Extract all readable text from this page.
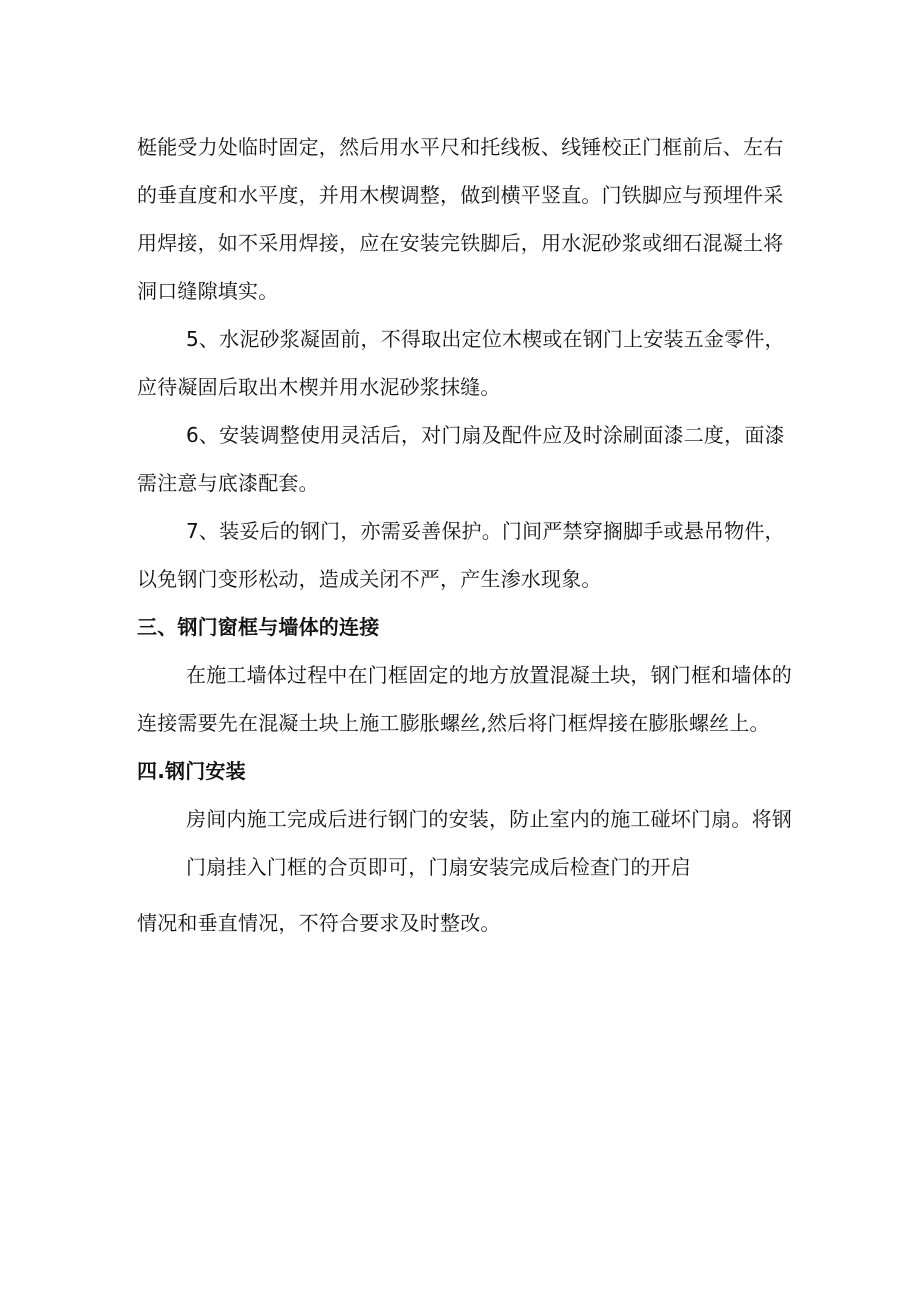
梃能受力处临时固定，然后用水平尺和托线板、线锤校正门框前后、左右
的垂直度和水平度，并用木楔调整，做到横平竖直。门铁脚应与预埋件采
用焊接，如不采用焊接，应在安装完铁脚后，用水泥砂浆或细石混凝土将
洞口缝隙填实。
5、水泥砂浆凝固前，不得取出定位木楔或在钢门上安装五金零件，
应待凝固后取出木楔并用水泥砂浆抹缝。
6、安装调整使用灵活后，对门扇及配件应及时涂刷面漆二度，面漆
需注意与底漆配套。
7、装妥后的钢门，亦需妥善保护。门间严禁穿搁脚手或悬吊物件，
以免钢门变形松动，造成关闭不严，产生渗水现象。
三、钢门窗框与墙体的连接
在施工墙体过程中在门框固定的地方放置混凝土块，钢门框和墙体的
连接需要先在混凝土块上施工膨胀螺丝,然后将门框焊接在膨胀螺丝上。
四.钢门安装
房间内施工完成后进行钢门的安装，防止室内的施工碰坏门扇。将钢
门扇挂入门框的合页即可，门扇安装完成后检查门的开启
情况和垂直情况，不符合要求及时整改。
